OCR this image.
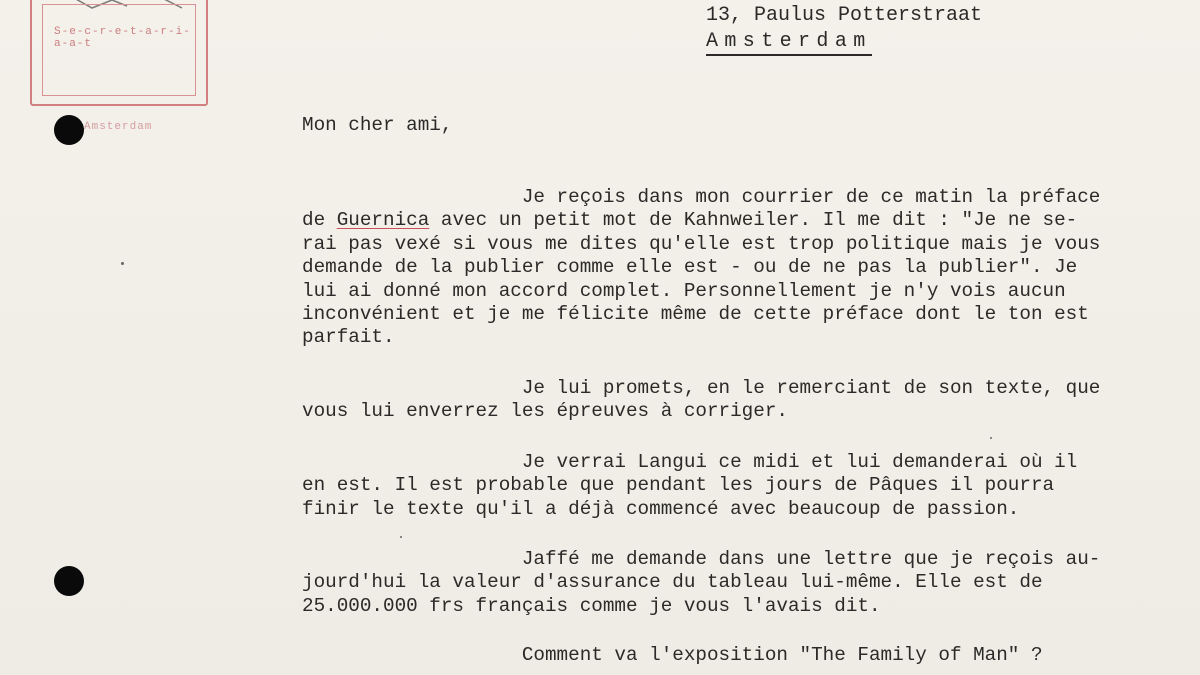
S-e-c-r-e-t-a-r-i-a-a-t
Amsterdam
13, Paulus Potterstraat
Amsterdam
Mon cher ami,
Je reçois dans mon courrier de ce matin la préface
de Guernica avec un petit mot de Kahnweiler. Il me dit : "Je ne se-
rai pas vexé si vous me dites qu'elle est trop politique mais je vous
demande de la publier comme elle est - ou de ne pas la publier". Je
lui ai donné mon accord complet. Personnellement je n'y vois aucun
inconvénient et je me félicite même de cette préface dont le ton est
parfait.
Je lui promets, en le remerciant de son texte, que
vous lui enverrez les épreuves à corriger.
Je verrai Langui ce midi et lui demanderai où il
en est. Il est probable que pendant les jours de Pâques il pourra
finir le texte qu'il a déjà commencé avec beaucoup de passion.
Jaffé me demande dans une lettre que je reçois au-
jourd'hui la valeur d'assurance du tableau lui-même. Elle est de
25.000.000 frs français comme je vous l'avais dit.
Comment va l'exposition "The Family of Man" ?
